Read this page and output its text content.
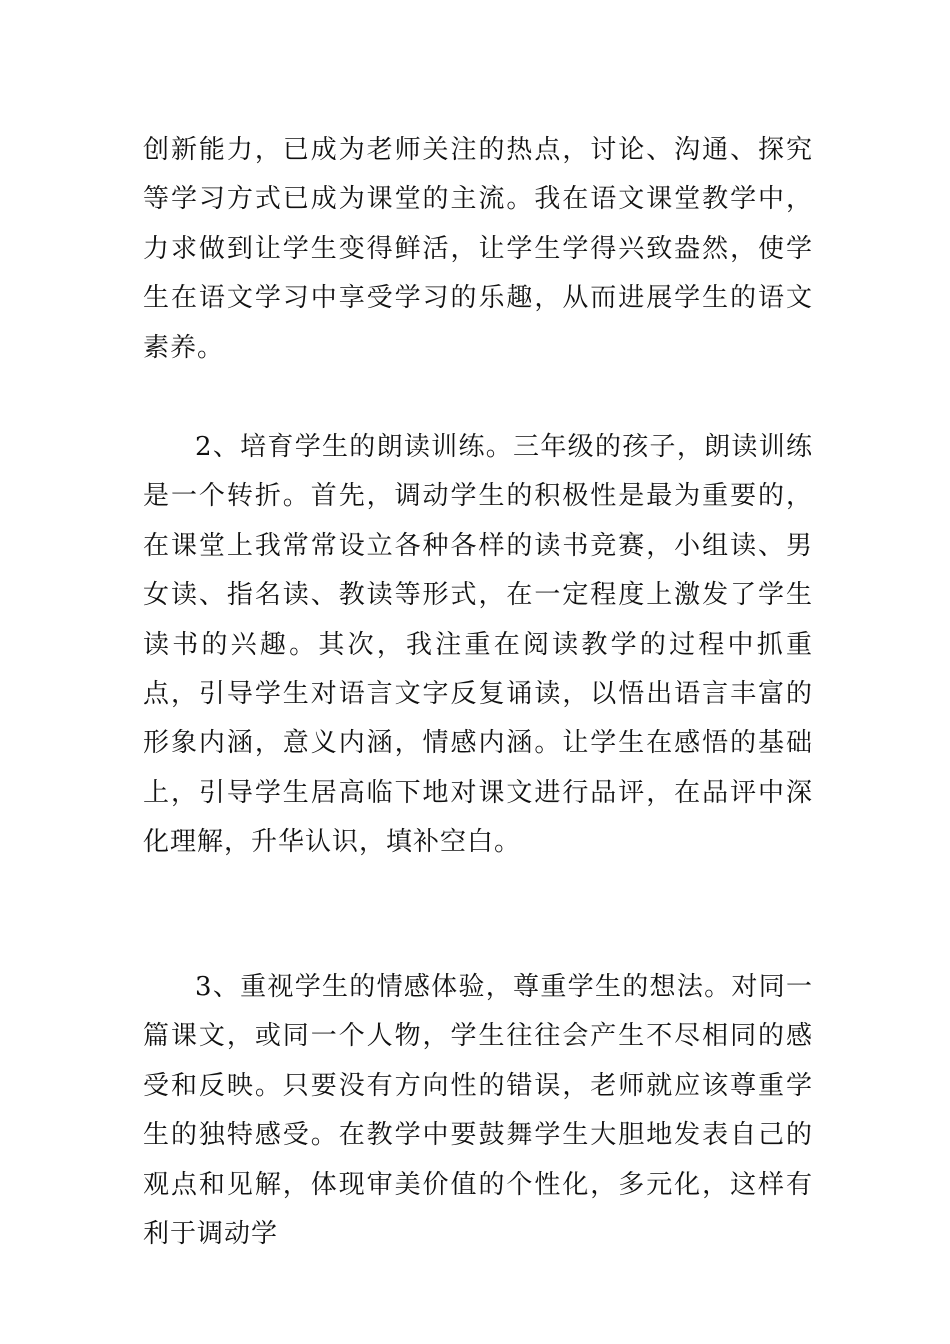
创新能力，已成为老师关注的热点，讨论、沟通、探究等学习方式已成为课堂的主流。我在语文课堂教学中，力求做到让学生变得鲜活，让学生学得兴致盎然，使学生在语文学习中享受学习的乐趣，从而进展学生的语文素养。

2、培育学生的朗读训练。三年级的孩子，朗读训练是一个转折。首先，调动学生的积极性是最为重要的，在课堂上我常常设立各种各样的读书竞赛，小组读、男女读、指名读、教读等形式，在一定程度上激发了学生读书的兴趣。其次，我注重在阅读教学的过程中抓重点，引导学生对语言文字反复诵读，以悟出语言丰富的形象内涵，意义内涵，情感内涵。让学生在感悟的基础上，引导学生居高临下地对课文进行品评，在品评中深化理解，升华认识，填补空白。

3、重视学生的情感体验，尊重学生的想法。对同一篇课文，或同一个人物，学生往往会产生不尽相同的感受和反映。只要没有方向性的错误，老师就应该尊重学生的独特感受。在教学中要鼓舞学生大胆地发表自己的观点和见解，体现审美价值的个性化，多元化，这样有利于调动学
